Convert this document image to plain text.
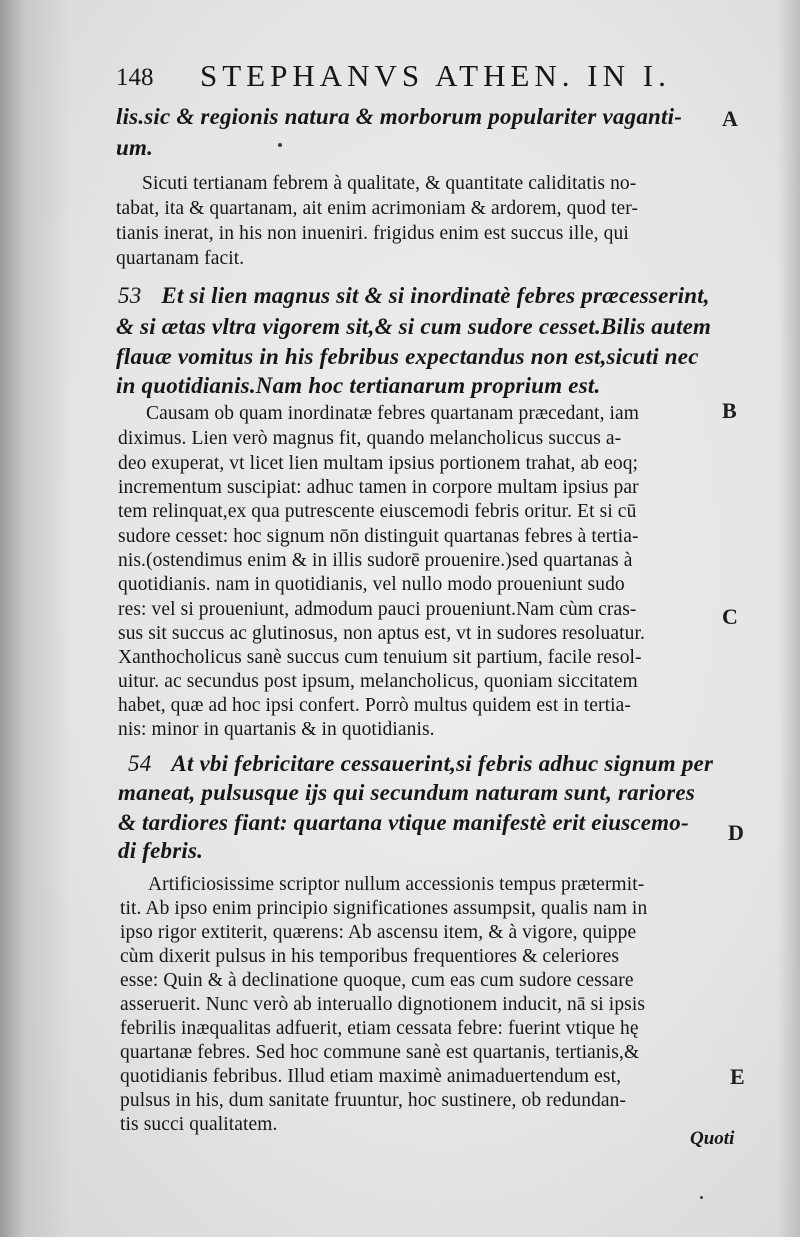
148 STEPHANVS ATHEN. IN I.
A
B
C
D
E
lis.sic & regionis natura & morborum populariter vaganti-
um.
Sicuti tertianam febrem à qualitate, & quantitate caliditatis no-
tabat, ita & quartanam, ait enim acrimoniam & ardorem, quod ter-
tianis inerat, in his non inueniri. frigidus enim est succus ille, qui
quartanam facit.
53 Et si lien magnus sit & si inordinatè febres præcesserint,
& si ætas vltra vigorem sit,& si cum sudore cesset.Bilis autem
flauæ vomitus in his febribus expectandus non est,sicuti nec
in quotidianis.Nam hoc tertianarum proprium est.
Causam ob quam inordinatæ febres quartanam præcedant, iam
diximus. Lien verò magnus fit, quando melancholicus succus a-
deo exuperat, vt licet lien multam ipsius portionem trahat, ab eoq;
incrementum suscipiat: adhuc tamen in corpore multam ipsius par
tem relinquat,ex qua putrescente eiuscemodi febris oritur. Et si cū
sudore cesset: hoc signum nōn distinguit quartanas febres à tertia-
nis.(ostendimus enim & in illis sudorē prouenire.)sed quartanas à
quotidianis. nam in quotidianis, vel nullo modo proueniunt sudo
res: vel si proueniunt, admodum pauci proueniunt.Nam cùm cras-
sus sit succus ac glutinosus, non aptus est, vt in sudores resoluatur.
Xanthocholicus sanè succus cum tenuium sit partium, facile resol-
uitur. ac secundus post ipsum, melancholicus, quoniam siccitatem
habet, quæ ad hoc ipsi confert. Porrò multus quidem est in tertia-
nis: minor in quartanis & in quotidianis.
54 At vbi febricitare cessauerint,si febris adhuc signum per
maneat, pulsusque ijs qui secundum naturam sunt, rariores
& tardiores fiant: quartana vtique manifestè erit eiuscemo-
di febris.
Artificiosissime scriptor nullum accessionis tempus prætermit-
tit. Ab ipso enim principio significationes assumpsit, qualis nam in
ipso rigor extiterit, quærens: Ab ascensu item, & à vigore, quippe
cùm dixerit pulsus in his temporibus frequentiores & celeriores
esse: Quin & à declinatione quoque, cum eas cum sudore cessare
asseruerit. Nunc verò ab interuallo dignotionem inducit, nā si ipsis
febrilis inæqualitas adfuerit, etiam cessata febre: fuerint vtique hę
quartanæ febres. Sed hoc commune sanè est quartanis, tertianis,&
quotidianis febribus. Illud etiam maximè animaduertendum est,
pulsus in his, dum sanitate fruuntur, hoc sustinere, ob redundan-
tis succi qualitatem.
Quoti
